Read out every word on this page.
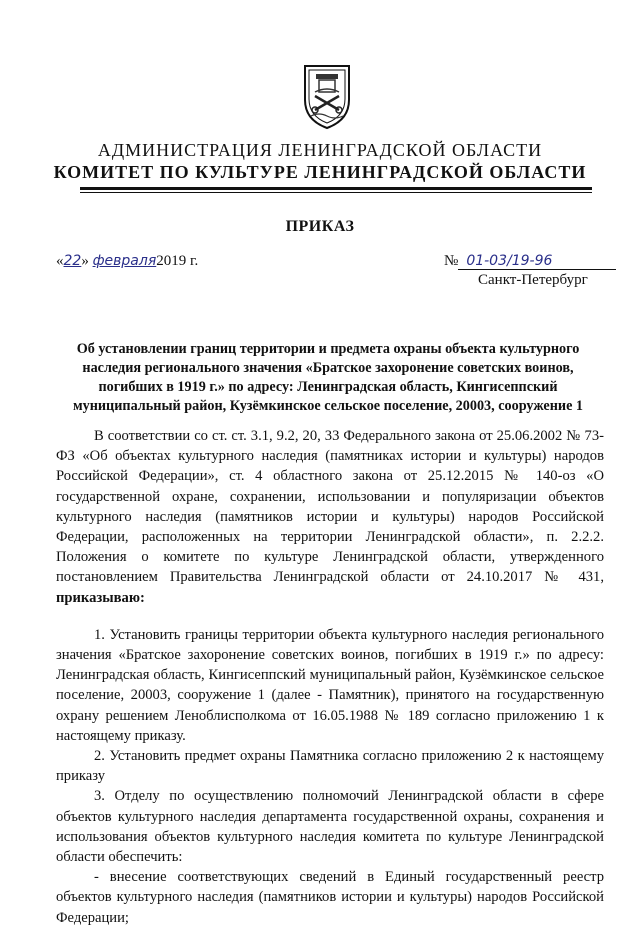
АДМИНИСТРАЦИЯ ЛЕНИНГРАДСКОЙ ОБЛАСТИ
КОМИТЕТ ПО КУЛЬТУРЕ ЛЕНИНГРАДСКОЙ ОБЛАСТИ
ПРИКАЗ
«22» февраля2019 г.	№ 01-03/19-96
Санкт-Петербург
Об установлении границ территории и предмета охраны объекта культурного наследия регионального значения «Братское захоронение советских воинов, погибших в 1919 г.» по адресу: Ленинградская область, Кингисеппский муниципальный район, Кузёмкинское сельское поселение, 20003, сооружение 1

В соответствии со ст. ст. 3.1, 9.2, 20, 33 Федерального закона от 25.06.2002 № 73-ФЗ «Об объектах культурного наследия (памятниках истории и культуры) народов Российской Федерации», ст. 4 областного закона от 25.12.2015 № 140-оз «О государственной охране, сохранении, использовании и популяризации объектов культурного наследия (памятников истории и культуры) народов Российской Федерации, расположенных на территории Ленинградской области», п. 2.2.2. Положения о комитете по культуре Ленинградской области, утвержденного постановлением Правительства Ленинградской области от 24.10.2017 № 431, приказываю:

1. Установить границы территории объекта культурного наследия регионального значения «Братское захоронение советских воинов, погибших в 1919 г.» по адресу: Ленинградская область, Кингисеппский муниципальный район, Кузёмкинское сельское поселение, 20003, сооружение 1 (далее - Памятник), принятого на государственную охрану решением Леноблисполкома от 16.05.1988 № 189 согласно приложению 1 к настоящему приказу.

2. Установить предмет охраны Памятника согласно приложению 2 к настоящему приказу

3. Отделу по осуществлению полномочий Ленинградской области в сфере объектов культурного наследия департамента государственной охраны, сохранения и использования объектов культурного наследия комитета по культуре Ленинградской области обеспечить:

- внесение соответствующих сведений в Единый государственный реестр объектов культурного наследия (памятников истории и культуры) народов Российской Федерации;
